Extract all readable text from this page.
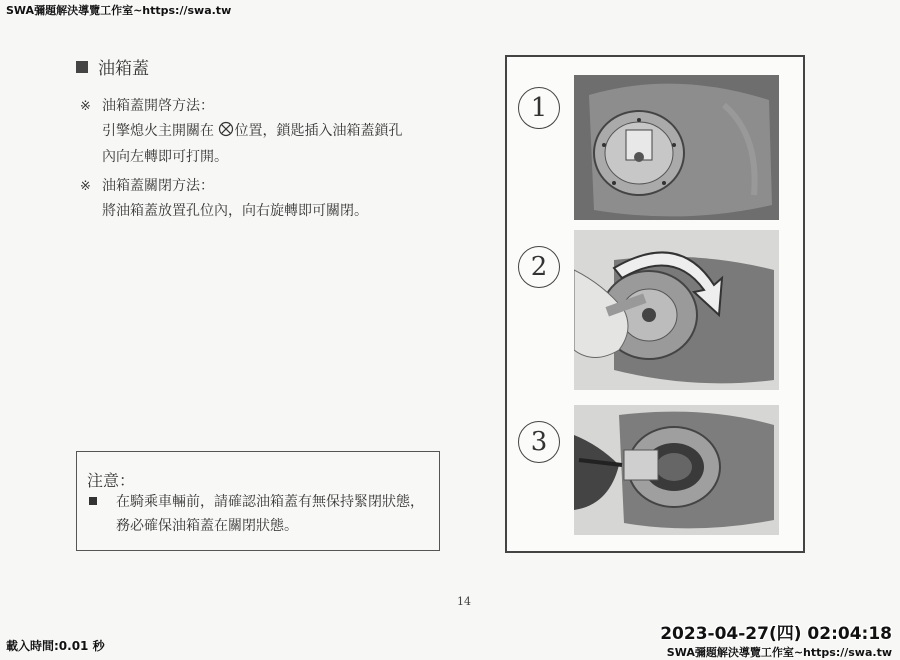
SWA彌題解決導覽工作室~https://swa.tw
油箱蓋
※ 油箱蓋開啓方法：
引擎熄火主開關在 位置，鎖匙插入油箱蓋鎖孔
內向左轉即可打開。
※ 油箱蓋關閉方法：
將油箱蓋放置孔位內，向右旋轉即可關閉。
注意：
在騎乘車輛前，請確認油箱蓋有無保持緊閉狀態，務必確保油箱蓋在關閉狀態。
1
2
3
14
載入時間:0.01 秒
2023-04-27(四) 02:04:18
SWA彌題解決導覽工作室~https://swa.tw
